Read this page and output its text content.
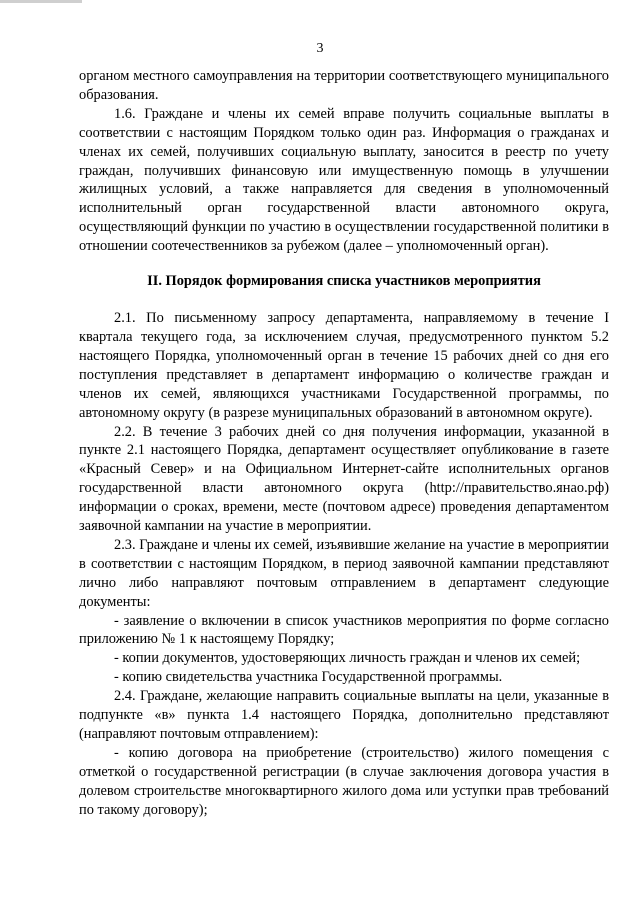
3

органом местного самоуправления на территории соответствующего муниципального образования.

1.6. Граждане и члены их семей вправе получить социальные выплаты в соответствии с настоящим Порядком только один раз. Информация о гражданах и членах их семей, получивших социальную выплату, заносится в реестр по учету граждан, получивших финансовую или имущественную помощь в улучшении жилищных условий, а также направляется для сведения в уполномоченный исполнительный орган государственной власти автономного округа, осуществляющий функции по участию в осуществлении государственной политики в отношении соотечественников за рубежом (далее – уполномоченный орган).

II. Порядок формирования списка участников мероприятия

2.1. По письменному запросу департамента, направляемому в течение I квартала текущего года, за исключением случая, предусмотренного пунктом 5.2 настоящего Порядка, уполномоченный орган в течение 15 рабочих дней со дня его поступления представляет в департамент информацию о количестве граждан и членов их семей, являющихся участниками Государственной программы, по автономному округу (в разрезе муниципальных образований в автономном округе).

2.2. В течение 3 рабочих дней со дня получения информации, указанной в пункте 2.1 настоящего Порядка, департамент осуществляет опубликование в газете «Красный Север» и на Официальном Интернет-сайте исполнительных органов государственной власти автономного округа (http://правительство.янао.рф) информации о сроках, времени, месте (почтовом адресе) проведения департаментом заявочной кампании на участие в мероприятии.

2.3. Граждане и члены их семей, изъявившие желание на участие в мероприятии в соответствии с настоящим Порядком, в период заявочной кампании представляют лично либо направляют почтовым отправлением в департамент следующие документы:

- заявление о включении в список участников мероприятия по форме согласно приложению № 1 к настоящему Порядку;

- копии документов, удостоверяющих личность граждан и членов их семей;

- копию свидетельства участника Государственной программы.

2.4. Граждане, желающие направить социальные выплаты на цели, указанные в подпункте «в» пункта 1.4 настоящего Порядка, дополнительно представляют (направляют почтовым отправлением):

- копию договора на приобретение (строительство) жилого помещения с отметкой о государственной регистрации (в случае заключения договора участия в долевом строительстве многоквартирного жилого дома или уступки прав требований по такому договору);
